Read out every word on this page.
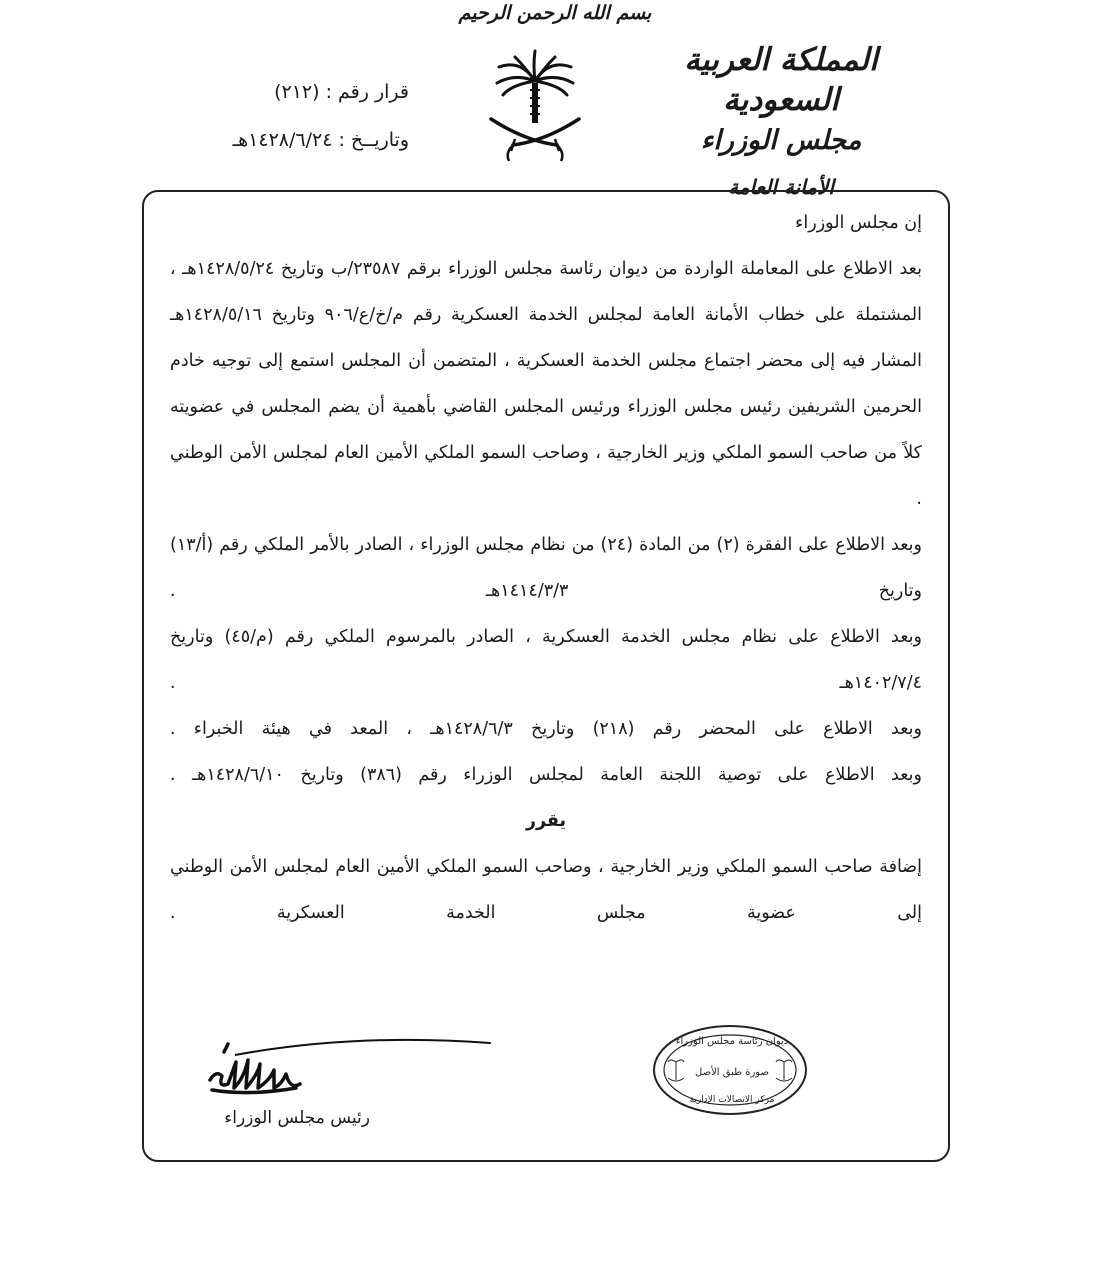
بسم الله الرحمن الرحيم
المملكة العربية السعودية
مجلس الوزراء
الأمانة العامة
قرار رقم : (٢١٢)
وتاريــخ : ١٤٢٨/٦/٢٤هـ

إن مجلس الوزراء

بعد الاطلاع على المعاملة الواردة من ديوان رئاسة مجلس الوزراء برقم ٢٣٥٨٧/ب وتاريخ ١٤٢٨/٥/٢٤هـ ، المشتملة على خطاب الأمانة العامة لمجلس الخدمة العسكرية رقم م/خ/ع/٩٠٦ وتاريخ ١٤٢٨/٥/١٦هـ المشار فيه إلى محضر اجتماع مجلس الخدمة العسكرية ، المتضمن أن المجلس استمع إلى توجيه خادم الحرمين الشريفين رئيس مجلس الوزراء ورئيس المجلس القاضي بأهمية أن يضم المجلس في عضويته كلاً من صاحب السمو الملكي وزير الخارجية ، وصاحب السمو الملكي الأمين العام لمجلس الأمن الوطني .

وبعد الاطلاع على الفقرة (٢) من المادة (٢٤) من نظام مجلس الوزراء ، الصادر بالأمر الملكي رقم (أ/١٣) وتاريخ ١٤١٤/٣/٣هـ .

وبعد الاطلاع على نظام مجلس الخدمة العسكرية ، الصادر بالمرسوم الملكي رقم (م/٤٥) وتاريخ ١٤٠٢/٧/٤هـ .

وبعد الاطلاع على المحضر رقم (٢١٨) وتاريخ ١٤٢٨/٦/٣هـ ، المعد في هيئة الخبراء .

وبعد الاطلاع على توصية اللجنة العامة لمجلس الوزراء رقم (٣٨٦) وتاريخ ١٤٢٨/٦/١٠هـ .

يقرر

إضافة صاحب السمو الملكي وزير الخارجية ، وصاحب السمو الملكي الأمين العام لمجلس الأمن الوطني إلى عضوية مجلس الخدمة العسكرية .

ديوان رئاسة مجلس الوزراء
صورة طبق الأصل
مركز الاتصالات الإدارية
رئيس مجلس الوزراء
